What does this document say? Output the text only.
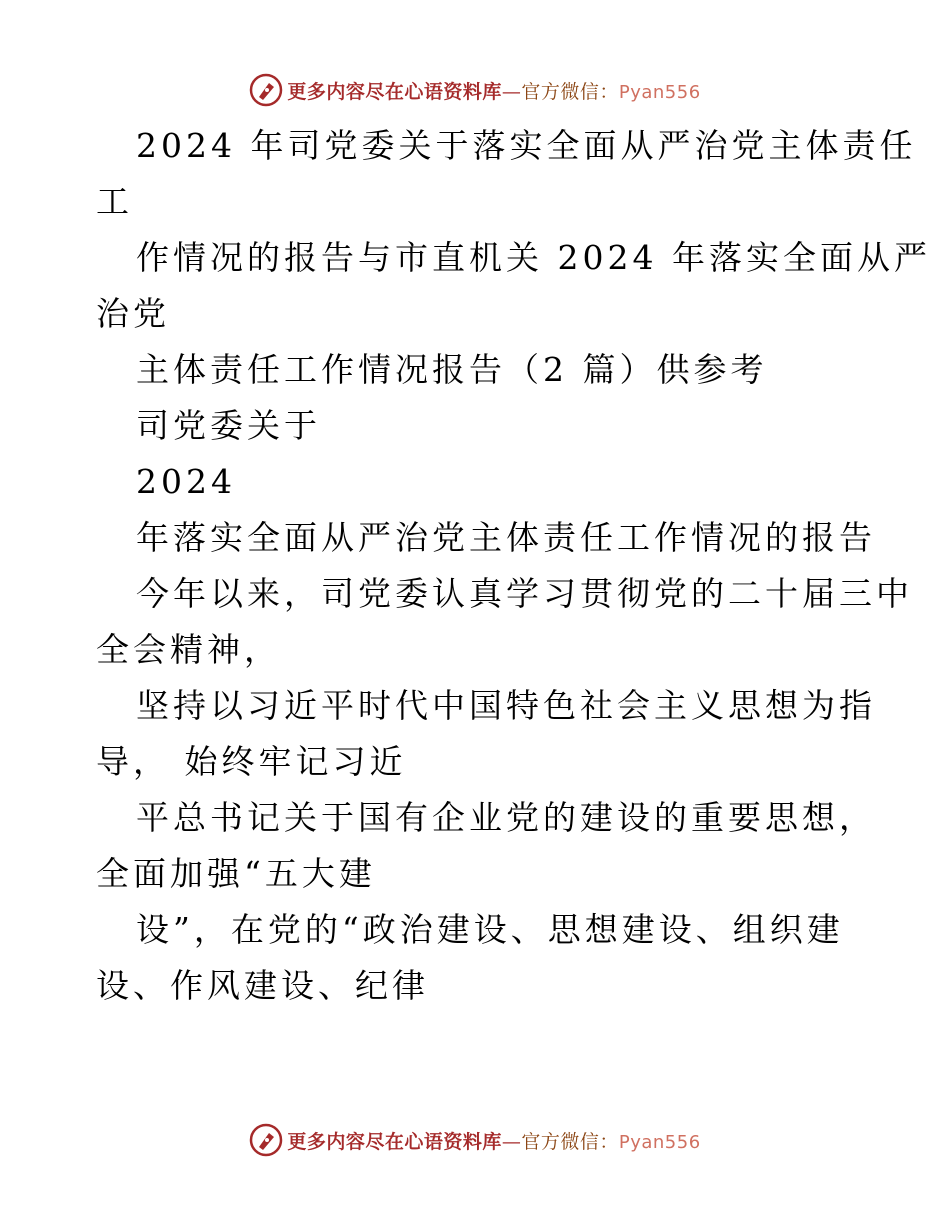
更多内容尽在心语资料库—官方微信：Pyan556
2024 年司党委关于落实全面从严治党主体责任
工
作情况的报告与市直机关 2024 年落实全面从严
治党
主体责任工作情况报告（2 篇）供参考
司党委关于
2024
年落实全面从严治党主体责任工作情况的报告
今年以来，司党委认真学习贯彻党的二十届三中
全会精神，
坚持以习近平时代中国特色社会主义思想为指
导， 始终牢记习近
平总书记关于国有企业党的建设的重要思想，
全面加强“五大建
设”，在党的“政治建设、思想建设、组织建
设、作风建设、纪律
更多内容尽在心语资料库—官方微信：Pyan556
